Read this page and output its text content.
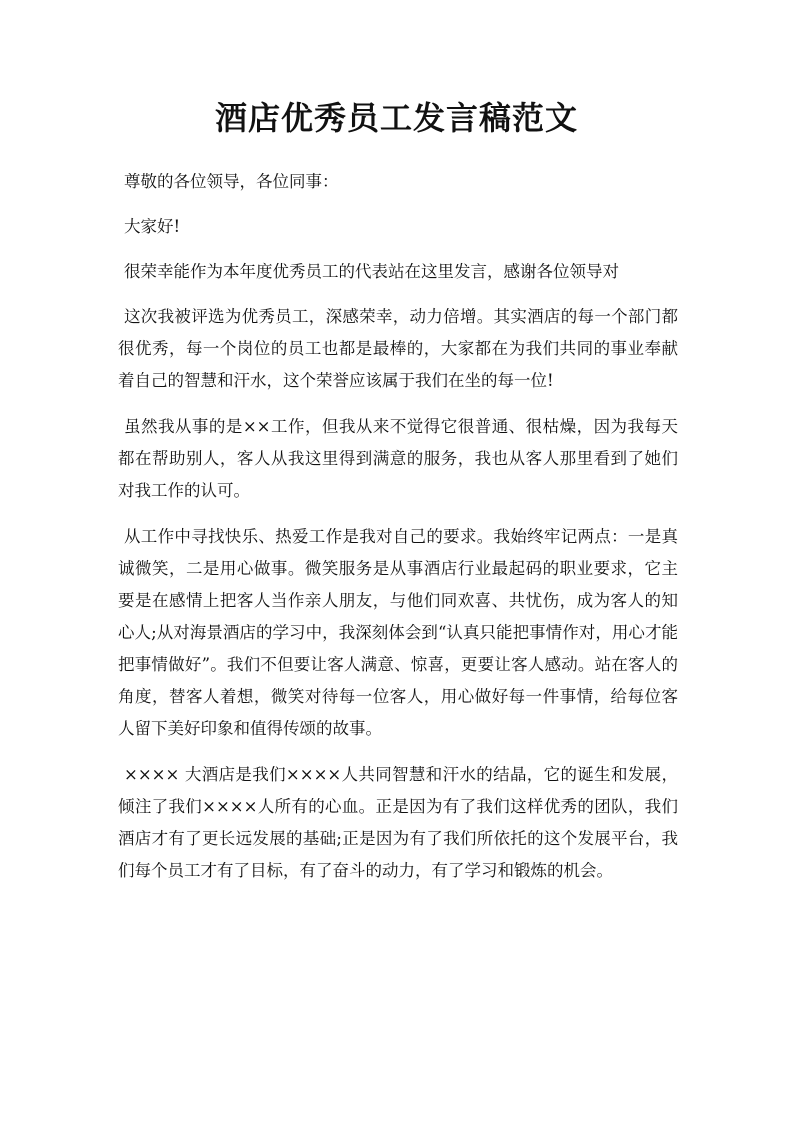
酒店优秀员工发言稿范文

尊敬的各位领导，各位同事：

大家好!

很荣幸能作为本年度优秀员工的代表站在这里发言，感谢各位领导对

这次我被评选为优秀员工，深感荣幸，动力倍增。其实酒店的每一个部门都很优秀，每一个岗位的员工也都是最棒的，大家都在为我们共同的事业奉献着自己的智慧和汗水，这个荣誉应该属于我们在坐的每一位!

虽然我从事的是××工作，但我从来不觉得它很普通、很枯燥，因为我每天都在帮助别人，客人从我这里得到满意的服务，我也从客人那里看到了她们对我工作的认可。

从工作中寻找快乐、热爱工作是我对自己的要求。我始终牢记两点：一是真诚微笑，二是用心做事。微笑服务是从事酒店行业最起码的职业要求，它主要是在感情上把客人当作亲人朋友，与他们同欢喜、共忧伤，成为客人的知心人;从对海景酒店的学习中，我深刻体会到“认真只能把事情作对，用心才能把事情做好”。我们不但要让客人满意、惊喜，更要让客人感动。站在客人的角度，替客人着想，微笑对待每一位客人，用心做好每一件事情，给每位客人留下美好印象和值得传颂的故事。

×××× 大酒店是我们××××人共同智慧和汗水的结晶，它的诞生和发展，倾注了我们××××人所有的心血。正是因为有了我们这样优秀的团队，我们酒店才有了更长远发展的基础;正是因为有了我们所依托的这个发展平台，我们每个员工才有了目标，有了奋斗的动力，有了学习和锻炼的机会。
